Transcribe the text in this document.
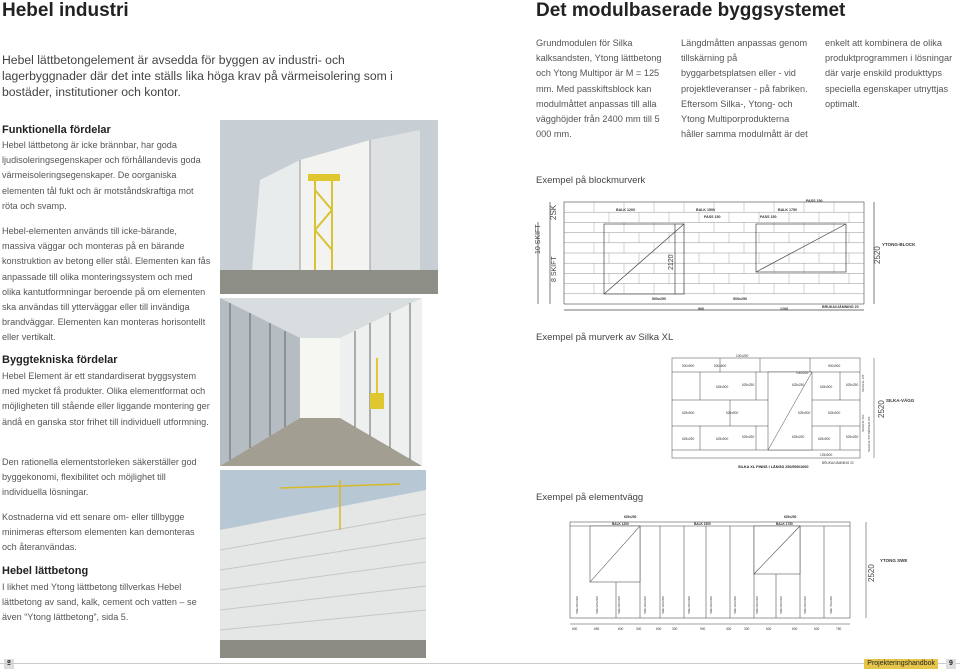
Hebel industri
Hebel lättbetongelement är avsedda för byggen av industri- och lagerbyggnader där det inte ställs lika höga krav på värmeisolering som i bostäder, institutioner och kontor.
Funktionella fördelar
Hebel lättbetong är icke brännbar, har goda ljudisoleringsegenskaper och förhållandevis goda värmeisoleringsegenskaper. De oorganiska elementen tål fukt och är motståndskraftiga mot röta och svamp.
Hebel-elementen används till icke-bärande, massiva väggar och monteras på en bärande konstruktion av betong eller stål. Elementen kan fås anpassade till olika monteringssystem och med olika kantutformningar beroende på om elementen ska användas till ytterväggar eller till invändiga brandväggar. Elementen kan monteras horisontellt eller vertikalt.
Byggtekniska fördelar
Hebel Element är ett standardiserat byggsystem med mycket få produkter. Olika elementformat och möjligheten till stående eller liggande montering ger ändå en ganska stor frihet till individuell utformning.
Den rationella elementstorleken säkerställer god byggekonomi, flexibilitet och möjlighet till individuella lösningar.
Kostnaderna vid ett senare om- eller tillbygge minimeras eftersom elementen kan demonteras och återanvändas.
Hebel lättbetong
I likhet med Ytong lättbetong tillverkas Hebel lättbetong av sand, kalk, cement och vatten – se även “Ytong lättbetong”, sida 5.
Det modulbaserade byggsystemet
Grundmodulen för Silka kalksandsten, Ytong lättbetong och Ytong Multipor är M = 125 mm. Med passkiftsblock kan modulmåttet anpassas till alla vägghöjder från 2400 mm till 5 000 mm.
Längdmåtten anpassas genom tillskärning på byggarbetsplatsen eller - vid projektleveranser - på fabriken. Eftersom Silka-, Ytong- och Ytong Multiporprodukterna håller samma modulmått är det
enkelt att kombinera de olika produktprogrammen i lösningar där varje enskild produkttyps speciella egenskaper utnyttjas optimalt.
Exempel på blockmurverk
Exempel på murverk av Silka XL
Exempel på elementvägg
10 SKIFT
8 SKIFT
2SK
2120	2520
YTONG-BLOCK
BALK 1200	BALK 1500	BALK 1750
PASS 150
PASS 150	PASS 150
500x250	500x250
900	1200	BRUKAVJÄMNING 20
500x900	500x500	500x900
100x250
100x250
625x900	625x250	625x250	625x900	625x250
625x900	625x900	625x900
625x250
625x900	625x900
625x250	625x250
625x900
625x250
125x500
BRUKAVJÄMNING 20
SILKA XL FINNS I LÄNGD 250/500/1000
2520 SILKA-VÄGG
SILKA XL 125
SILKA XL 500 SILKA XL 500 MASSEN 100
625x250	625x250
BALK 1200	BALK 1500	BALK 1750
SWE 600x2520	SWE 625x2520	SWE 600x2520	SWE 300x2520	SWE 300x2520	SWE 600x2520	SWE 600x2520	SWE 300x2520	SWE 600x2520	SWE 600x2520	SWE 600x2520	SWE 750x2520
600	650	600	300	600	300	900	300	300	600	600	600	750
2520
YTONG SWE
Projekteringshandbok	9
